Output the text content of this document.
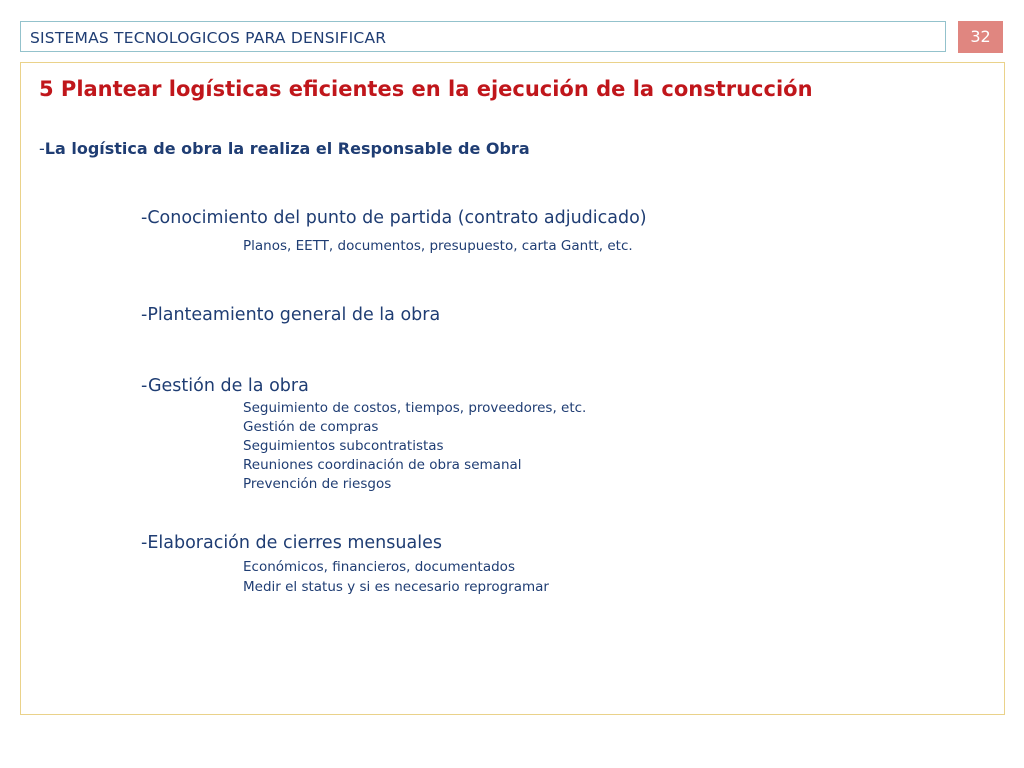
SISTEMAS TECNOLOGICOS PARA DENSIFICAR	32
5 Plantear logísticas eficientes en la ejecución de la construcción
-La logística de obra la realiza el Responsable de Obra
-Conocimiento del punto de partida (contrato adjudicado)
Planos, EETT, documentos, presupuesto, carta Gantt, etc.
-Planteamiento general de la obra
-Gestión de la obra
Seguimiento de costos, tiempos, proveedores, etc.
Gestión de compras
Seguimientos subcontratistas
Reuniones coordinación de obra semanal
Prevención de riesgos
-Elaboración de cierres mensuales
Económicos, financieros, documentados
Medir el status y si es necesario reprogramar
